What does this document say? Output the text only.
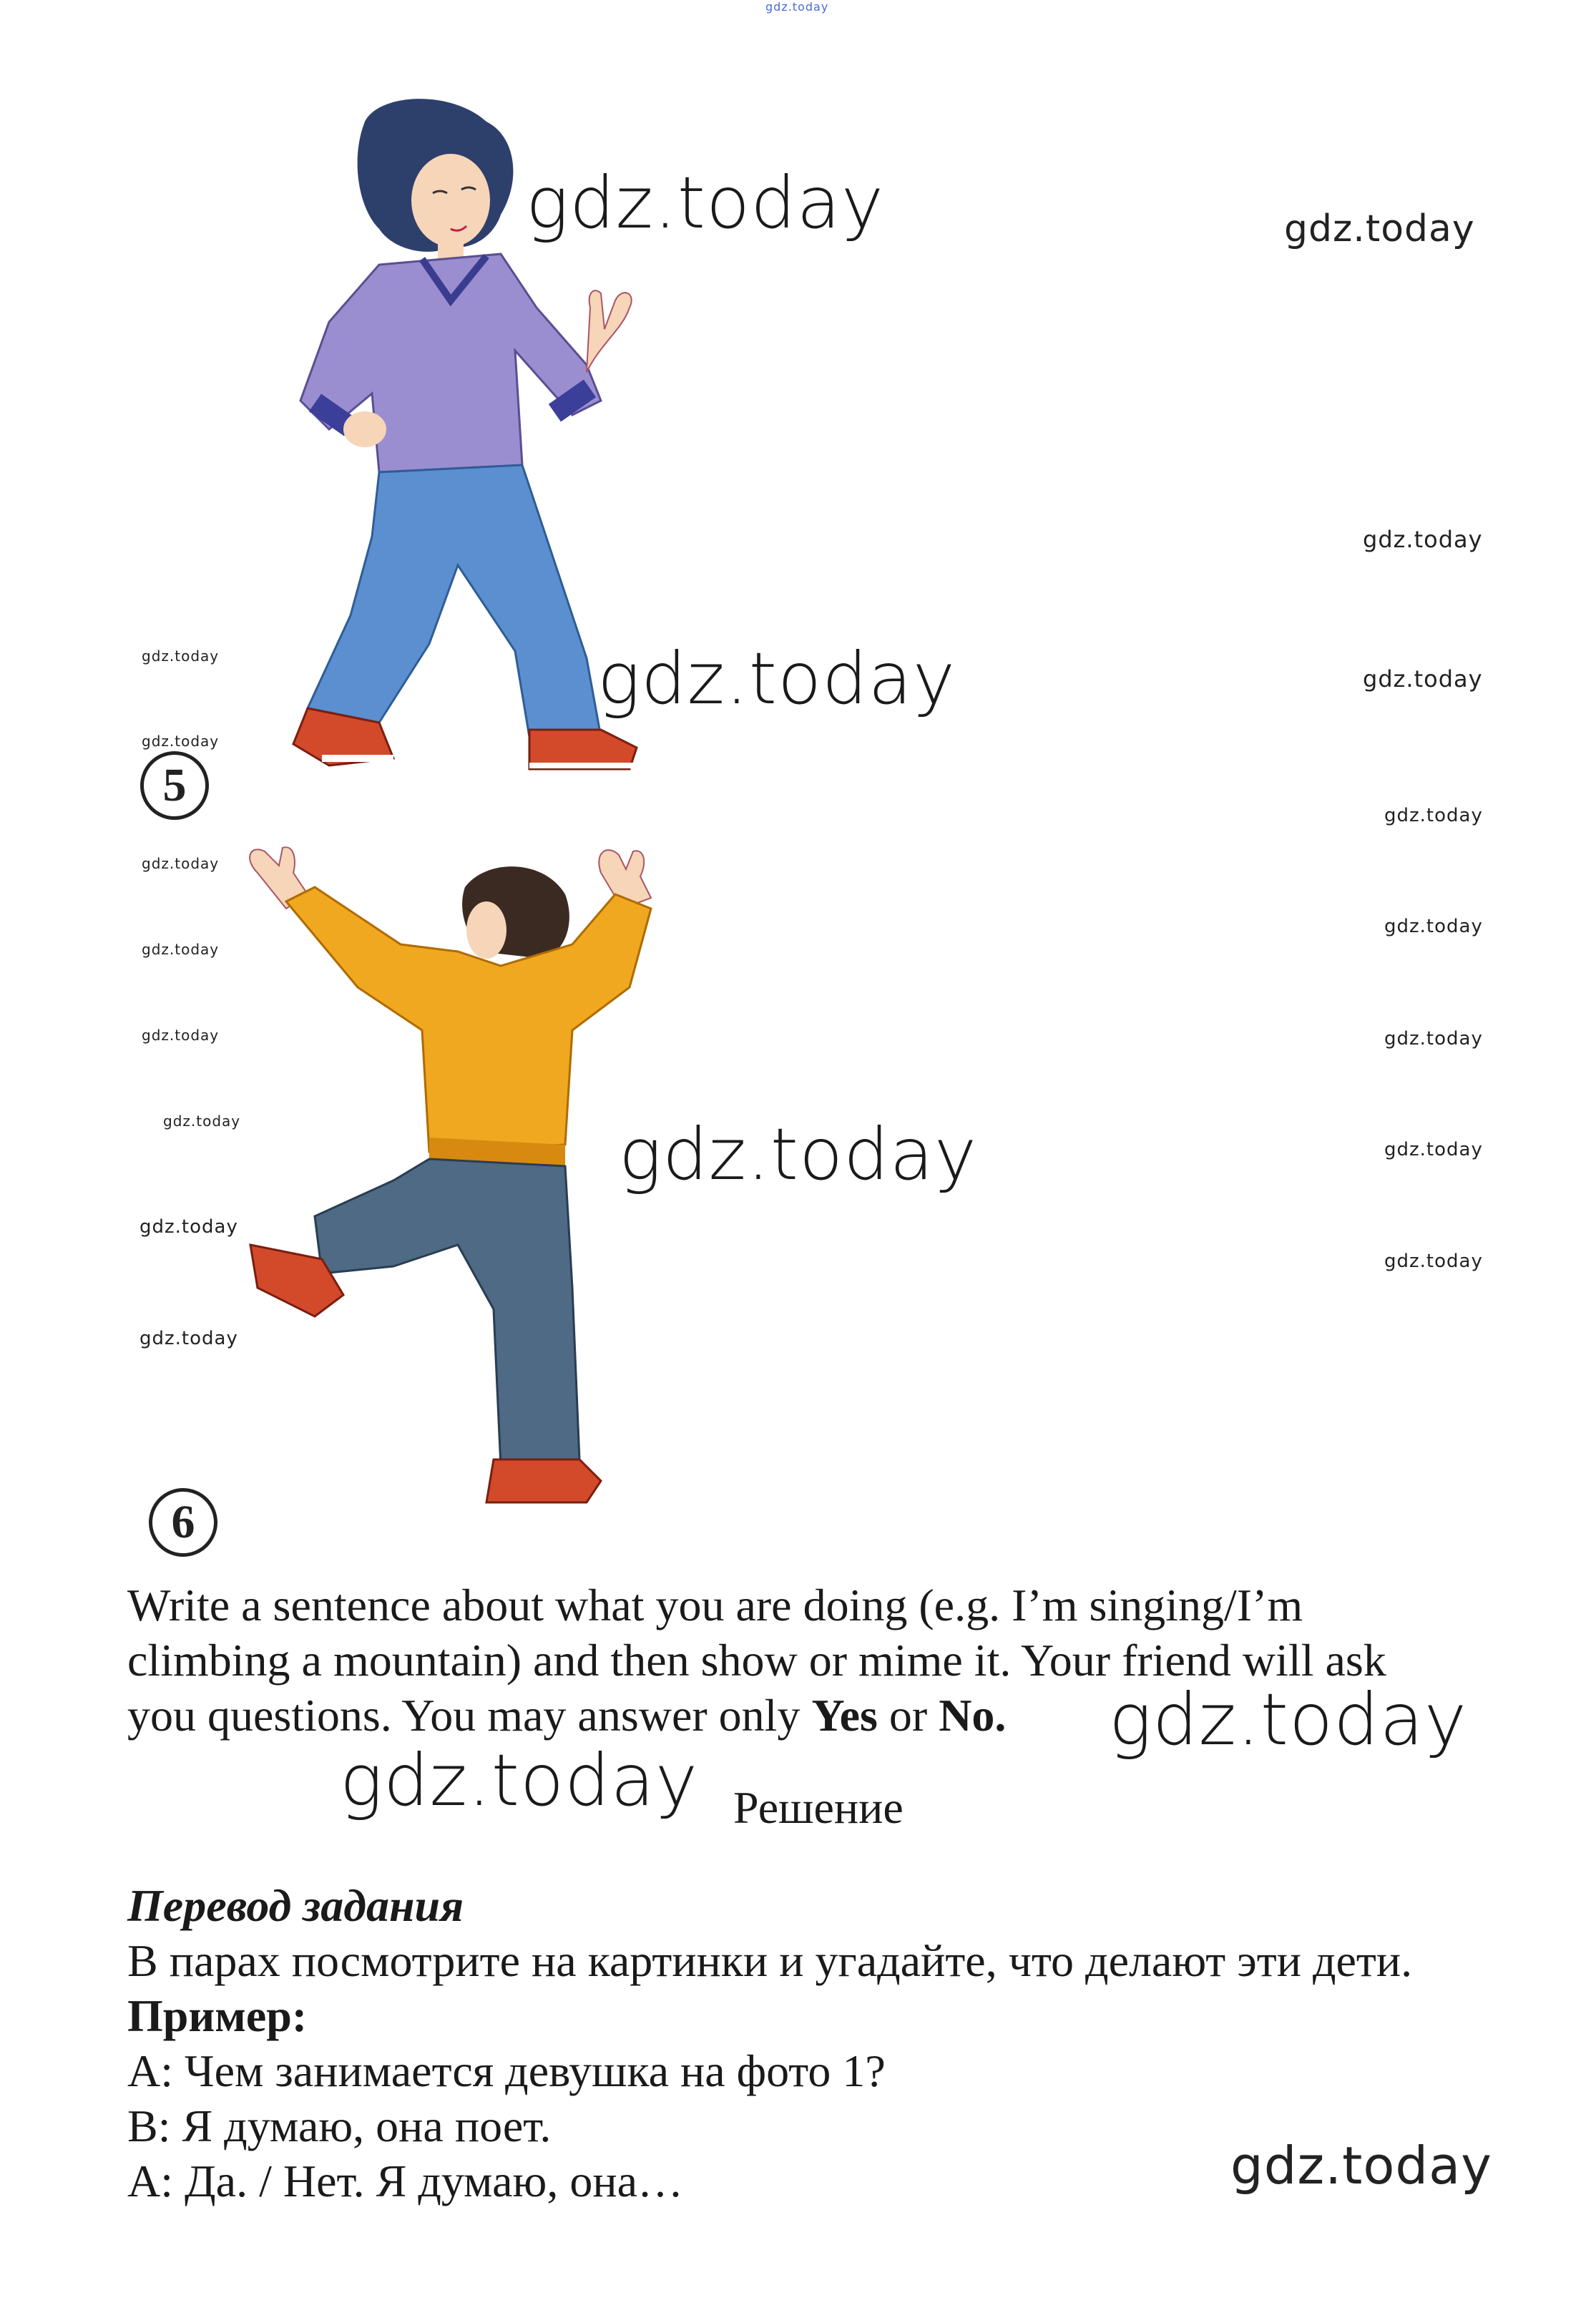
gdz.today
5
6
gdz.today
gdz.today
gdz.today
gdz.today
gdz.today
gdz.today
gdz.today
gdz.today
gdz.today
gdz.today
gdz.today
gdz.today
gdz.today
gdz.today
gdz.today
gdz.today
gdz.today
gdz.today
gdz.today
gdz.today
gdz.today
gdz.today
Write a sentence about what you are doing (e.g. I’m singing/I’m
climbing a mountain) and then show or mime it. Your friend will ask
you questions. You may answer only Yes or No.
Решение
Перевод задания
В парах посмотрите на картинки и угадайте, что делают эти дети.
Пример:
А: Чем занимается девушка на фото 1?
В: Я думаю, она поет.
А: Да. / Нет. Я думаю, она…
